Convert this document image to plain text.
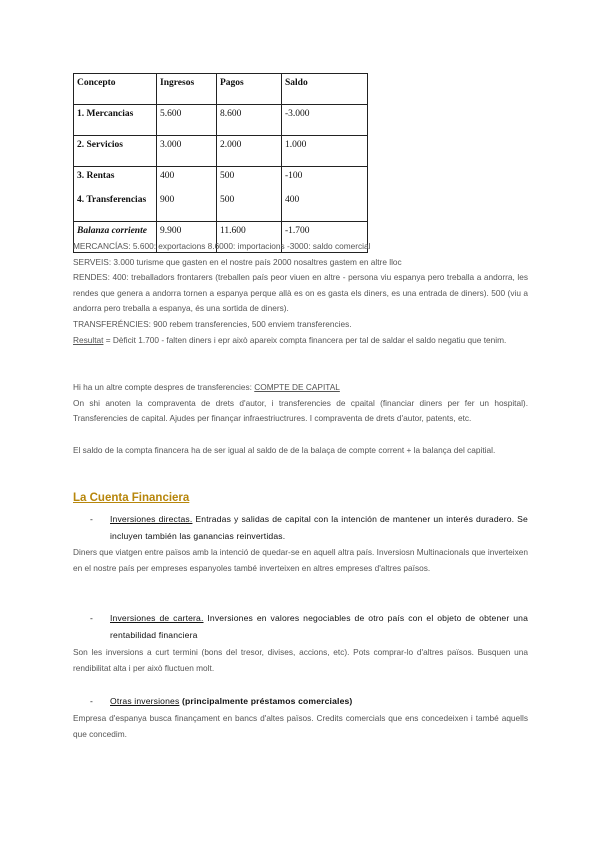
Concepto	Ingresos	Pagos	Saldo
1. Mercancias	5.600	8.600	-3.000
2. Servicios	3.000	2.000	1.000
3. Rentas	400	500	-100
4. Transferencias	900	500	400
Balanza corriente	9.900	11.600	-1.700
MERCANCÍAS: 5.600: exportacions 8.6000: importacions -3000: saldo comercial
SERVEIS: 3.000 turisme que gasten en el nostre país 2000 nosaltres gastem en altre lloc
RENDES: 400: treballadors frontarers (treballen país peor viuen en altre - persona viu espanya pero treballa a andorra, les rendes que genera a andorra tornen a espanya perque allà es on es gasta els diners, es una entrada de diners). 500 (viu a andorra pero treballa a espanya, és una sortida de diners).
TRANSFERÉNCIES: 900 rebem transferencies, 500 enviem transferencies.
Resultat = Dèficit 1.700 - falten diners i epr això apareix compta financera per tal de saldar el saldo negatiu que tenim.
Hi ha un altre compte despres de transferencies: COMPTE DE CAPITAL
On shi anoten la compraventa de drets d'autor, i transferencies de cpaital (financiar diners per fer un hospital). Transferencies de capital. Ajudes per finançar infraestriuctrures. I compraventa de drets d'autor, patents, etc.
El saldo de la compta financera ha de ser igual al saldo de de la balaça de compte corrent + la balança del capitial.
La Cuenta Financiera
- Inversiones directas. Entradas y salidas de capital con la intención de mantener un interés duradero. Se incluyen también las ganancias reinvertidas.
Diners que viatgen entre països amb la intenció de quedar-se en aquell altra país. Inversiosn Multinacionals que inverteixen en el nostre país per empreses espanyoles també inverteixen en altres empreses d'altres països.
- Inversiones de cartera. Inversiones en valores negociables de otro país con el objeto de obtener una rentabilidad financiera
Son les inversions a curt termini (bons del tresor, divises, accions, etc). Pots comprar-lo d'altres països. Busquen una rendibilitat alta i per això fluctuen molt.
- Otras inversiones (principalmente préstamos comerciales)
Empresa d'espanya busca finançament en bancs d'altes països. Credits comercials que ens concedeixen i també aquells que concedim.
